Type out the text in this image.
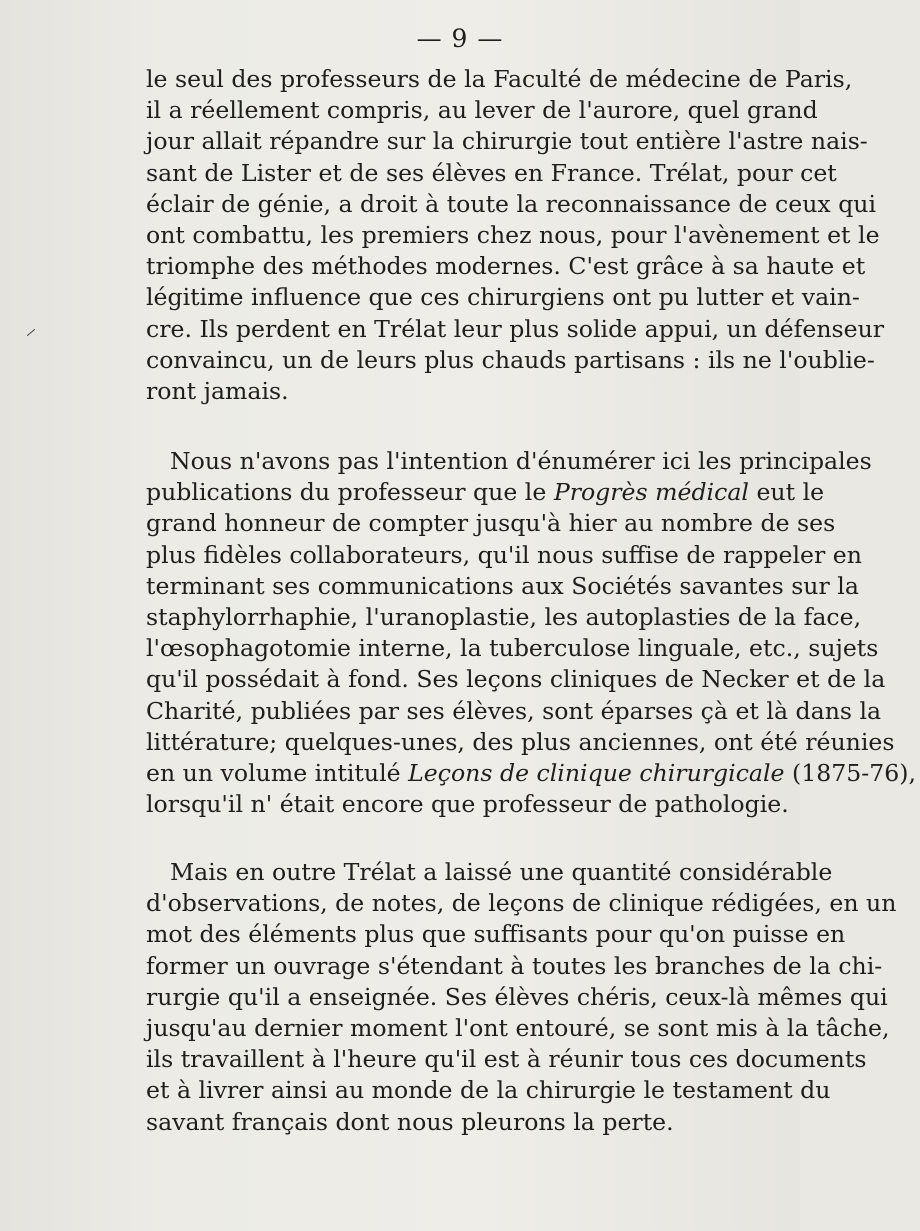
— 9 —
le seul des professeurs de la Faculté de médecine de Paris,
il a réellement compris, au lever de l'aurore, quel grand
jour allait répandre sur la chirurgie tout entière l'astre nais-
sant de Lister et de ses élèves en France. Trélat, pour cet
éclair de génie, a droit à toute la reconnaissance de ceux qui
ont combattu, les premiers chez nous, pour l'avènement et le
triomphe des méthodes modernes. C'est grâce à sa haute et
légitime influence que ces chirurgiens ont pu lutter et vain-
cre. Ils perdent en Trélat leur plus solide appui, un défenseur
convaincu, un de leurs plus chauds partisans : ils ne l'oublie-
ront jamais.
Nous n'avons pas l'intention d'énumérer ici les principales
publications du professeur que le Progrès médical eut le
grand honneur de compter jusqu'à hier au nombre de ses
plus fidèles collaborateurs, qu'il nous suffise de rappeler en
terminant ses communications aux Sociétés savantes sur la
staphylorrhaphie, l'uranoplastie, les autoplasties de la face,
l'œsophagotomie interne, la tuberculose linguale, etc., sujets
qu'il possédait à fond. Ses leçons cliniques de Necker et de la
Charité, publiées par ses élèves, sont éparses çà et là dans la
littérature; quelques-unes, des plus anciennes, ont été réunies
en un volume intitulé Leçons de clinique chirurgicale (1875-76),
lorsqu'il n' était encore que professeur de pathologie.
Mais en outre Trélat a laissé une quantité considérable
d'observations, de notes, de leçons de clinique rédigées, en un
mot des éléments plus que suffisants pour qu'on puisse en
former un ouvrage s'étendant à toutes les branches de la chi-
rurgie qu'il a enseignée. Ses élèves chéris, ceux-là mêmes qui
jusqu'au dernier moment l'ont entouré, se sont mis à la tâche,
ils travaillent à l'heure qu'il est à réunir tous ces documents
et à livrer ainsi au monde de la chirurgie le testament du
savant français dont nous pleurons la perte.
